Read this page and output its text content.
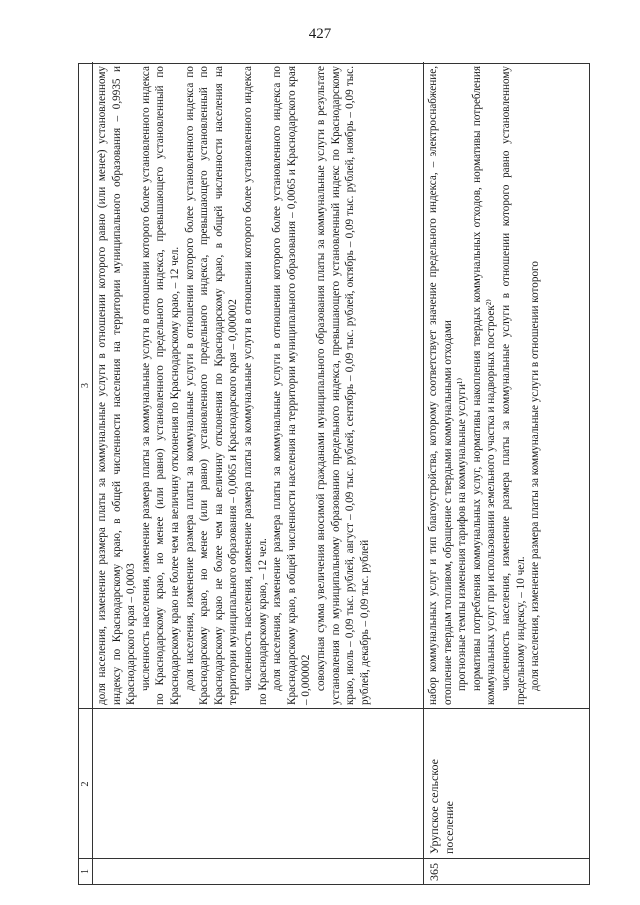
427
1
2
3 доля населения, изменение размера платы за коммунальные услуги в отношении которого равно (или менее) установленному индексу по Краснодарскому краю, в общей численности населения на территории муниципального образования – 0,9935 и Краснодарского края – 0,0003 численность населения, изменение размера платы за коммунальные услуги в отношении которого более установленного индекса по Краснодарскому краю, но менее (или равно) установленного предельного индекса, превышающего установленный по Краснодарскому краю не более чем на величину отклонения по Краснодарскому краю, – 12 чел. доля населения, изменение размера платы за коммунальные услуги в отношении которого более установленного индекса по Краснодарскому краю, но менее (или равно) установленного предельного индекса, превышающего установленный по Краснодарскому краю не более чем на величину отклонения по Краснодарскому краю, в общей численности населения на территории муниципального образования – 0,0065 и Краснодарского края – 0,000002 численность населения, изменение размера платы за коммунальные услуги в отношении которого более установленного индекса по Краснодарскому краю, – 12 чел. доля населения, изменение размера платы за коммунальные услуги в отношении которого более установленного индекса по Краснодарскому краю, в общей численности населения на территории муниципального образования – 0,0065 и Краснодарского края – 0,000002 совокупная сумма увеличения вносимой гражданами муниципального образования платы за коммунальные услуги в результате установления по муниципальному образованию предельного индекса, превышающего установленный индекс по Краснодарскому краю, июль – 0,09 тыс. рублей, август – 0,09 тыс. рублей, сентябрь – 0,09 тыс. рублей, октябрь – 0,09 тыс. рублей, ноябрь – 0,09 тыс. рублей, декабрь – 0,09 тыс. рублей

365
Урупское сельское поселение

набор коммунальных услуг и тип благоустройства, которому соответствует значение предельного индекса, – электроснабжение, отопление твердым топливом, обращение с твердыми коммунальными отходами прогнозные темпы изменения тарифов на коммунальные услуги¹⁾ нормативы потребления коммунальных услуг, нормативы накопления твердых коммунальных отходов, нормативы потребления коммунальных услуг при использовании земельного участка и надворных построек²⁾ численность населения, изменение размера платы за коммунальные услуги в отношении которого равно установленному предельному индексу, – 10 чел. доля населения, изменение размера платы за коммунальные услуги в отношении которого
